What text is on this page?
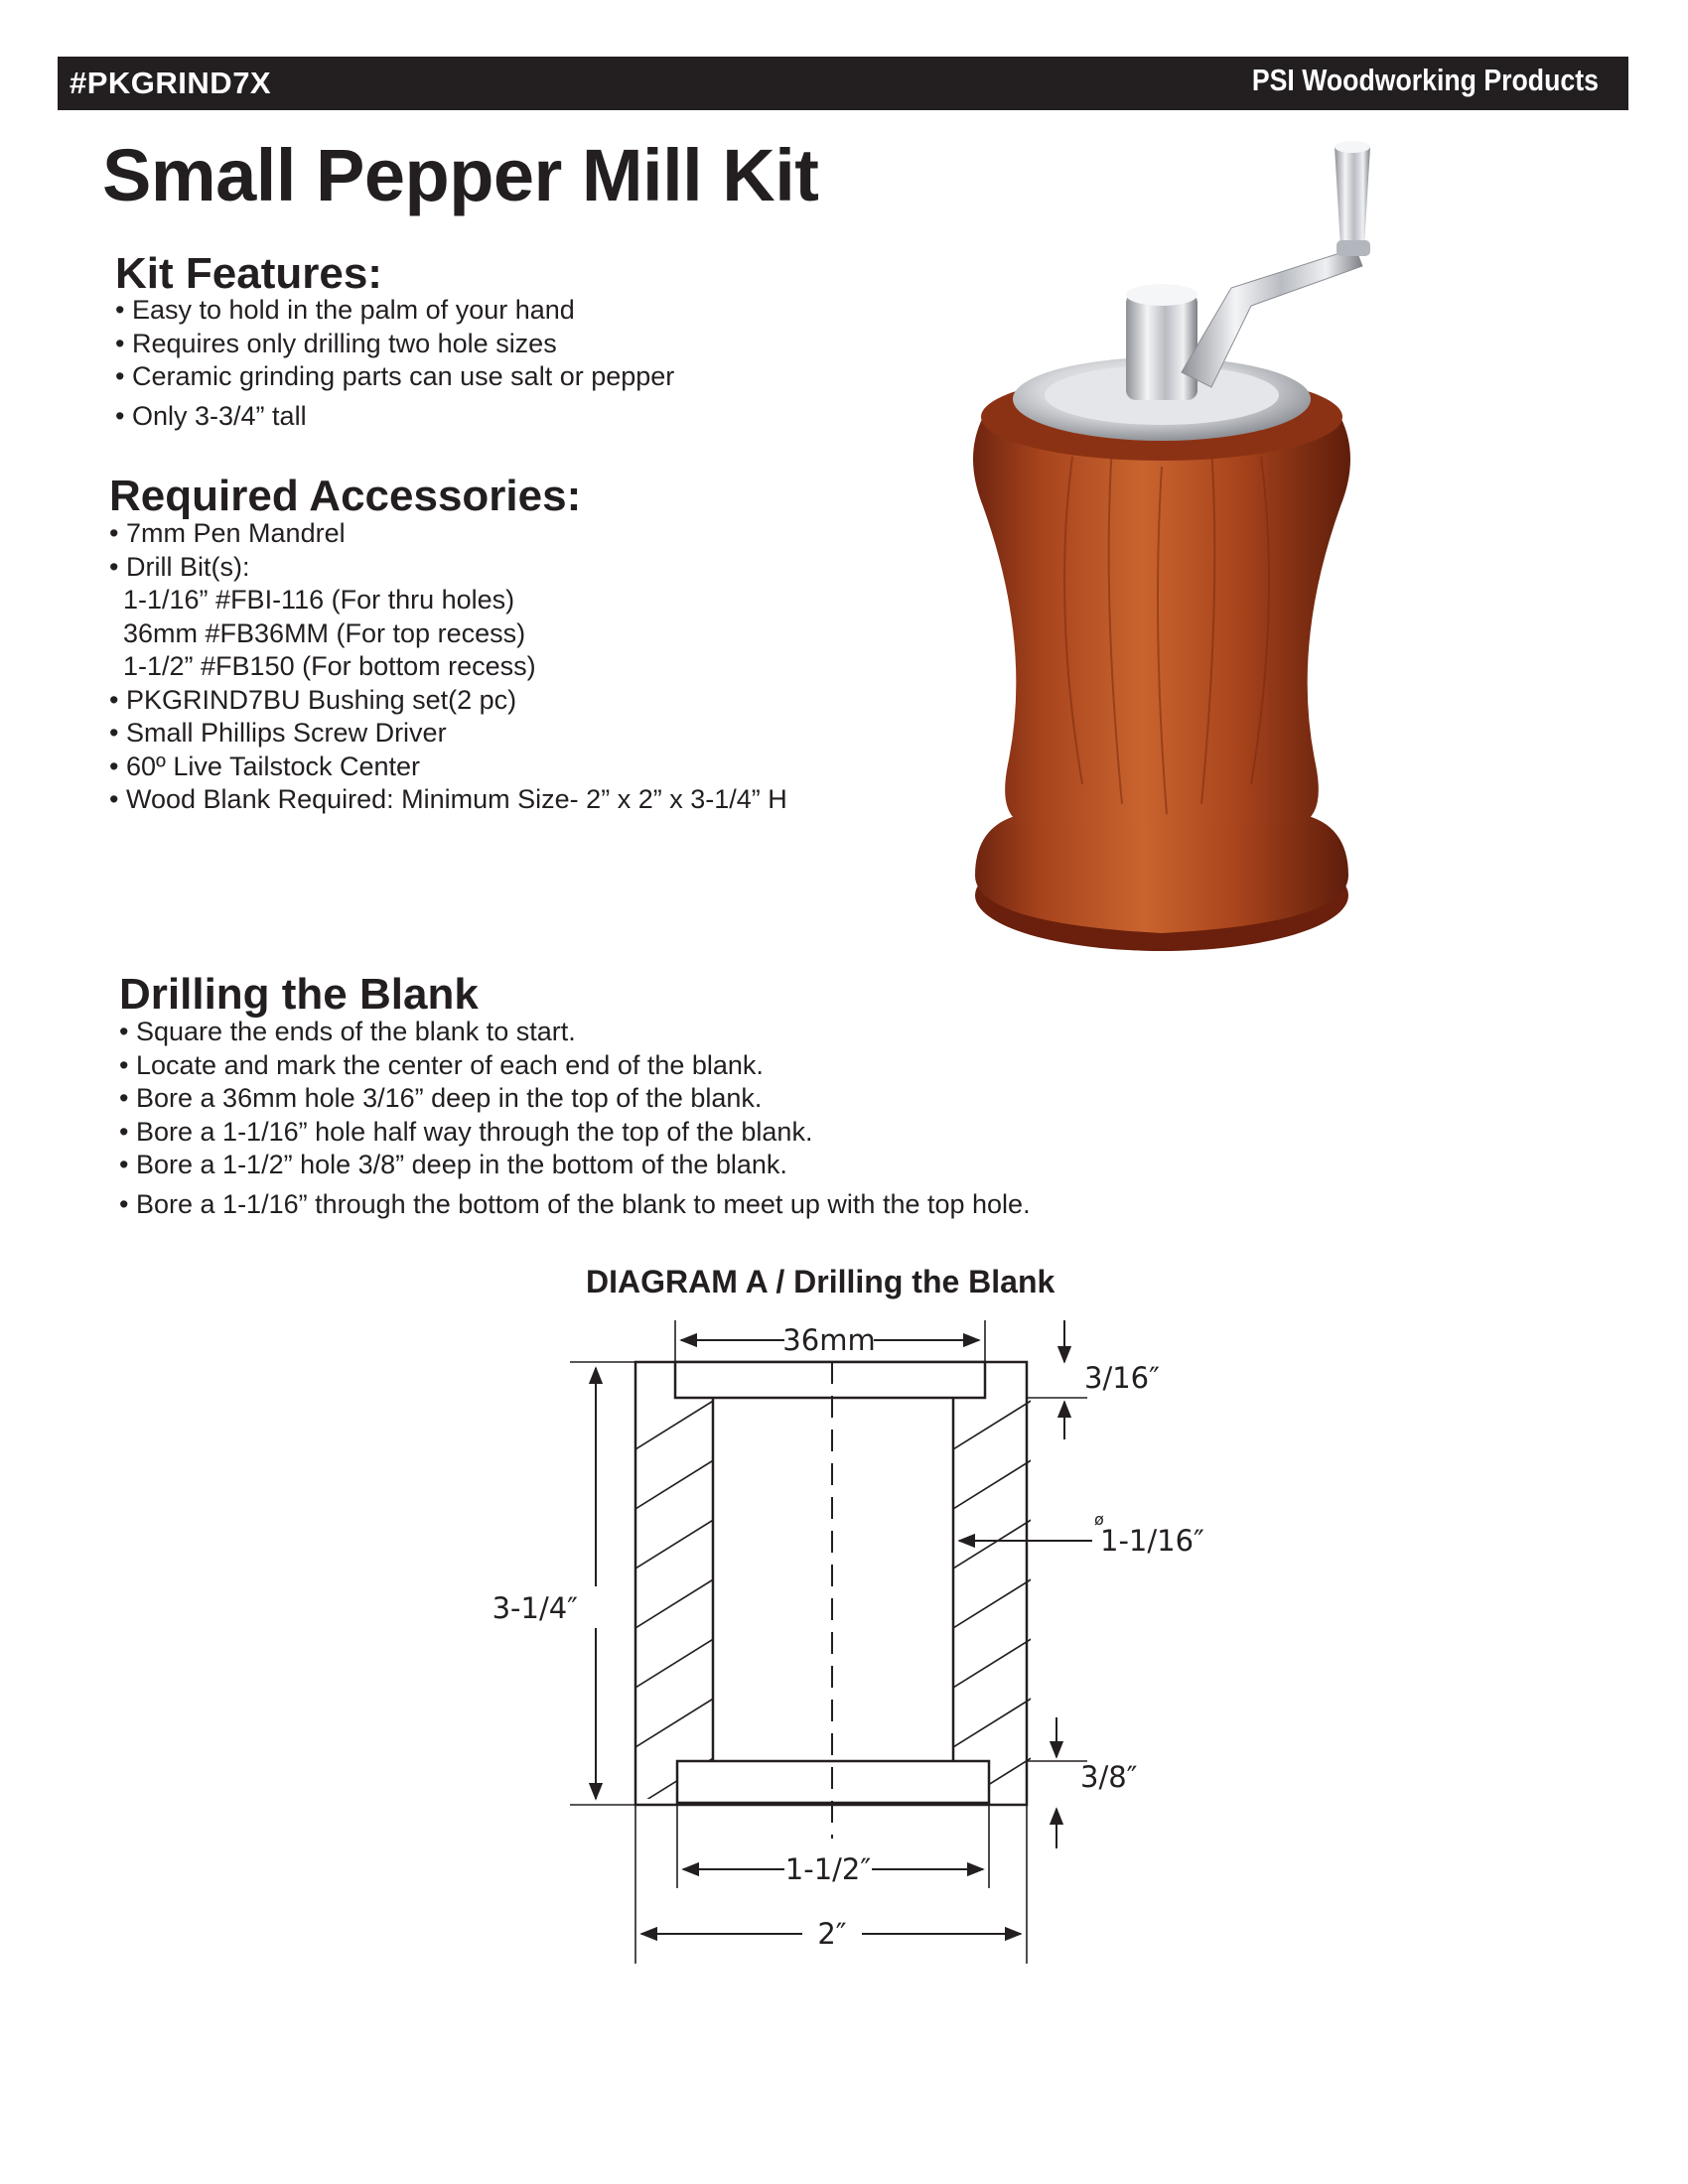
#PKGRIND7X	PSI Woodworking Products
Small Pepper Mill Kit
Kit Features:
• Easy to hold in the palm of your hand
• Requires only drilling two hole sizes
• Ceramic grinding parts can use salt or pepper
• Only 3-3/4” tall
Required Accessories:
• 7mm Pen Mandrel
• Drill Bit(s):
1-1/16” #FBI-116 (For thru holes)
36mm #FB36MM (For top recess)
1-1/2” #FB150 (For bottom recess)
• PKGRIND7BU Bushing set(2 pc)
• Small Phillips Screw Driver
• 60º Live Tailstock Center
• Wood Blank Required: Minimum Size- 2” x 2” x 3-1/4” H
Drilling the Blank
• Square the ends of the blank to start.
• Locate and mark the center of each end of the blank.
• Bore a 36mm hole 3/16” deep in the top of the blank.
• Bore a 1-1/16” hole half way through the top of the blank.
• Bore a 1-1/2” hole 3/8” deep in the bottom of the blank.
• Bore a 1-1/16” through the bottom of the blank to meet up with the top hole.
DIAGRAM A / Drilling the Blank
36mm
3/16″
ø
1-1/16″
3-1/4″
3/8″
1-1/2″
2″
